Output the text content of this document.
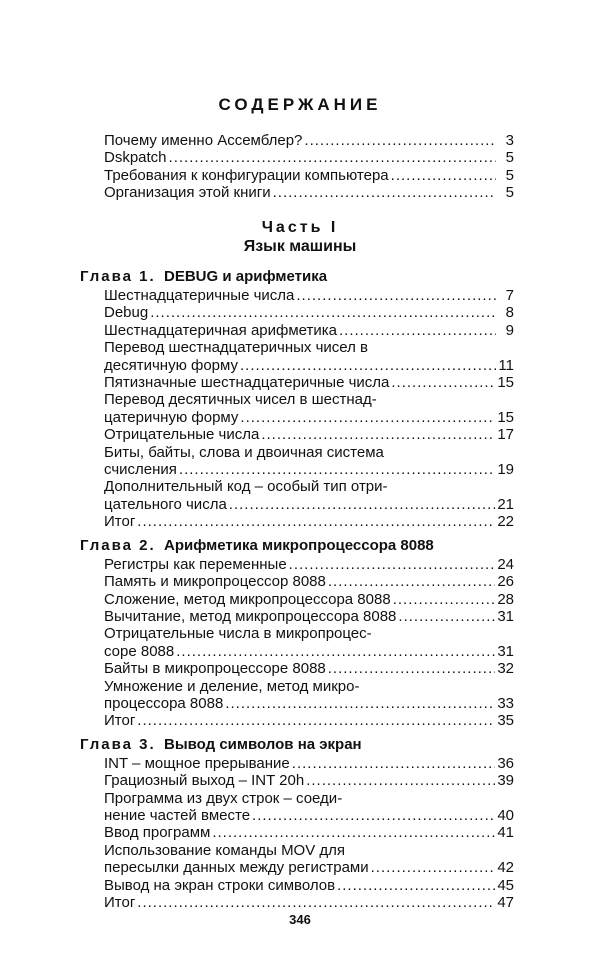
СОДЕРЖАНИЕ
Почему именно Ассемблер? .....	3
Dskpatch .....	5
Требования к конфигурации компьютера .....	5
Организация этой книги .....	5
Часть I
Язык машины
Глава 1. DEBUG и арифметика
Шестнадцатеричные числа .....	7
Debug .....	8
Шестнадцатеричная арифметика .....	9
Перевод шестнадцатеричных чисел в
десятичную форму .....	11
Пятизначные шестнадцатеричные числа .....	15
Перевод десятичных чисел в шестнад-
цатеричную форму .....	15
Отрицательные числа .....	17
Биты, байты, слова и двоичная система
счисления .....	19
Дополнительный код – особый тип отри-
цательного числа .....	21
Итог .....	22
Глава 2. Арифметика микропроцессора 8088
Регистры как переменные .....	24
Память и микропроцессор 8088 .....	26
Сложение, метод микропроцессора 8088 .....	28
Вычитание, метод микропроцессора 8088 .....	31
Отрицательные числа в микропроцес-
соре 8088 .....	31
Байты в микропроцессоре 8088 .....	32
Умножение и деление, метод микро-
процессора 8088 .....	33
Итог .....	35
Глава 3. Вывод символов на экран
INT – мощное прерывание .....	36
Грациозный выход – INT 20h .....	39
Программа из двух строк – соеди-
нение частей вместе .....	40
Ввод программ .....	41
Использование команды MOV для
пересылки данных между регистрами .....	42
Вывод на экран строки символов .....	45
Итог .....	47
346
